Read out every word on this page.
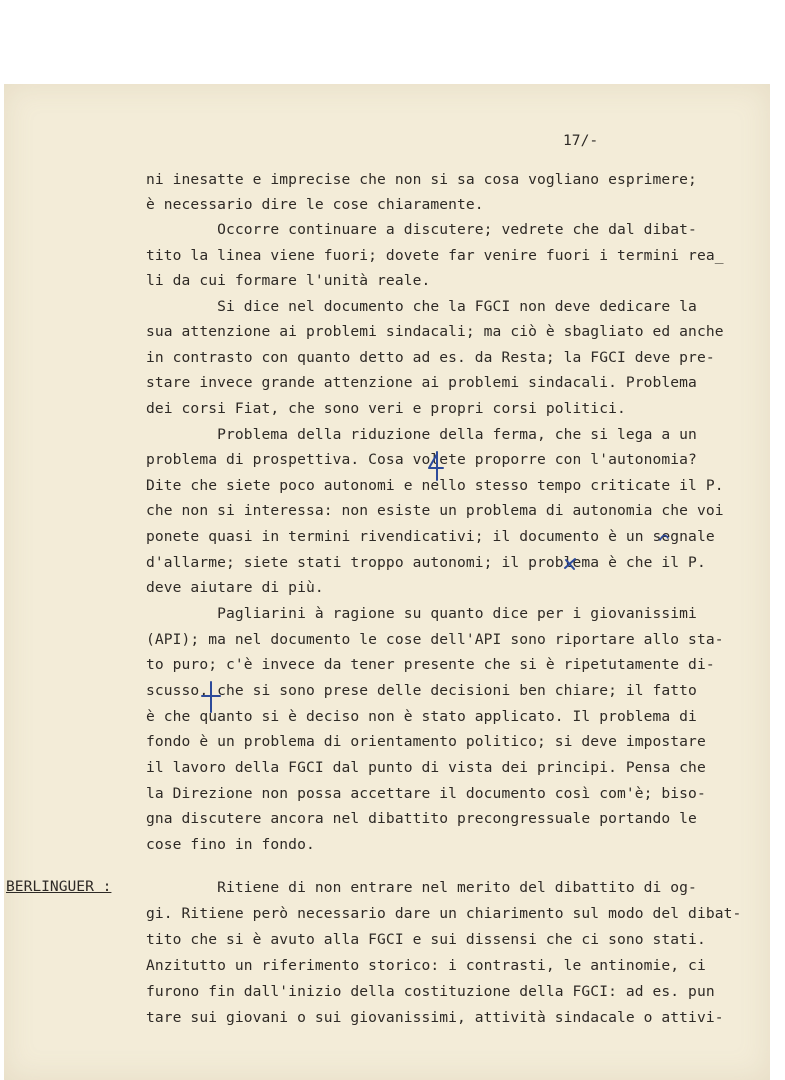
17/-
ni inesatte e imprecise che non si sa cosa vogliano esprimere;
è necessario dire le cose chiaramente.
Occorre continuare a discutere; vedrete che dal dibat-
tito la linea viene fuori; dovete far venire fuori i termini rea_
li da cui formare l'unità reale.
Si dice nel documento che la FGCI non deve dedicare la
sua attenzione ai problemi sindacali; ma ciò è sbagliato ed anche
in contrasto con quanto detto ad es. da Resta; la FGCI deve pre-
stare invece grande attenzione ai problemi sindacali. Problema
dei corsi Fiat, che sono veri e propri corsi politici.
Problema della riduzione della ferma, che si lega a un
problema di prospettiva. Cosa volete proporre con l'autonomia?
Dite che siete poco autonomi e nello stesso tempo criticate il P.
che non si interessa: non esiste un problema di autonomia che voi
ponete quasi in termini rivendicativi; il documento è un segnale
d'allarme; siete stati troppo autonomi; il problema è che il P.
deve aiutare di più.
Pagliarini à ragione su quanto dice per i giovanissimi
(API); ma nel documento le cose dell'API sono riportare allo sta-
to puro; c'è invece da tener presente che si è ripetutamente di-
scusso, che si sono prese delle decisioni ben chiare; il fatto
è che quanto si è deciso non è stato applicato. Il problema di
fondo è un problema di orientamento politico; si deve impostare
il lavoro della FGCI dal punto di vista dei principi. Pensa che
la Direzione non possa accettare il documento così com'è; biso-
gna discutere ancora nel dibattito precongressuale portando le
cose fino in fondo.
Ritiene di non entrare nel merito del dibattito di og-
gi. Ritiene però necessario dare un chiarimento sul modo del dibat-
tito che si è avuto alla FGCI e sui dissensi che ci sono stati.
Anzitutto un riferimento storico: i contrasti, le antinomie, ci
furono fin dall'inizio della costituzione della FGCI: ad es. pun
tare sui giovani o sui giovanissimi, attività sindacale o attivi-
BERLINGUER :
